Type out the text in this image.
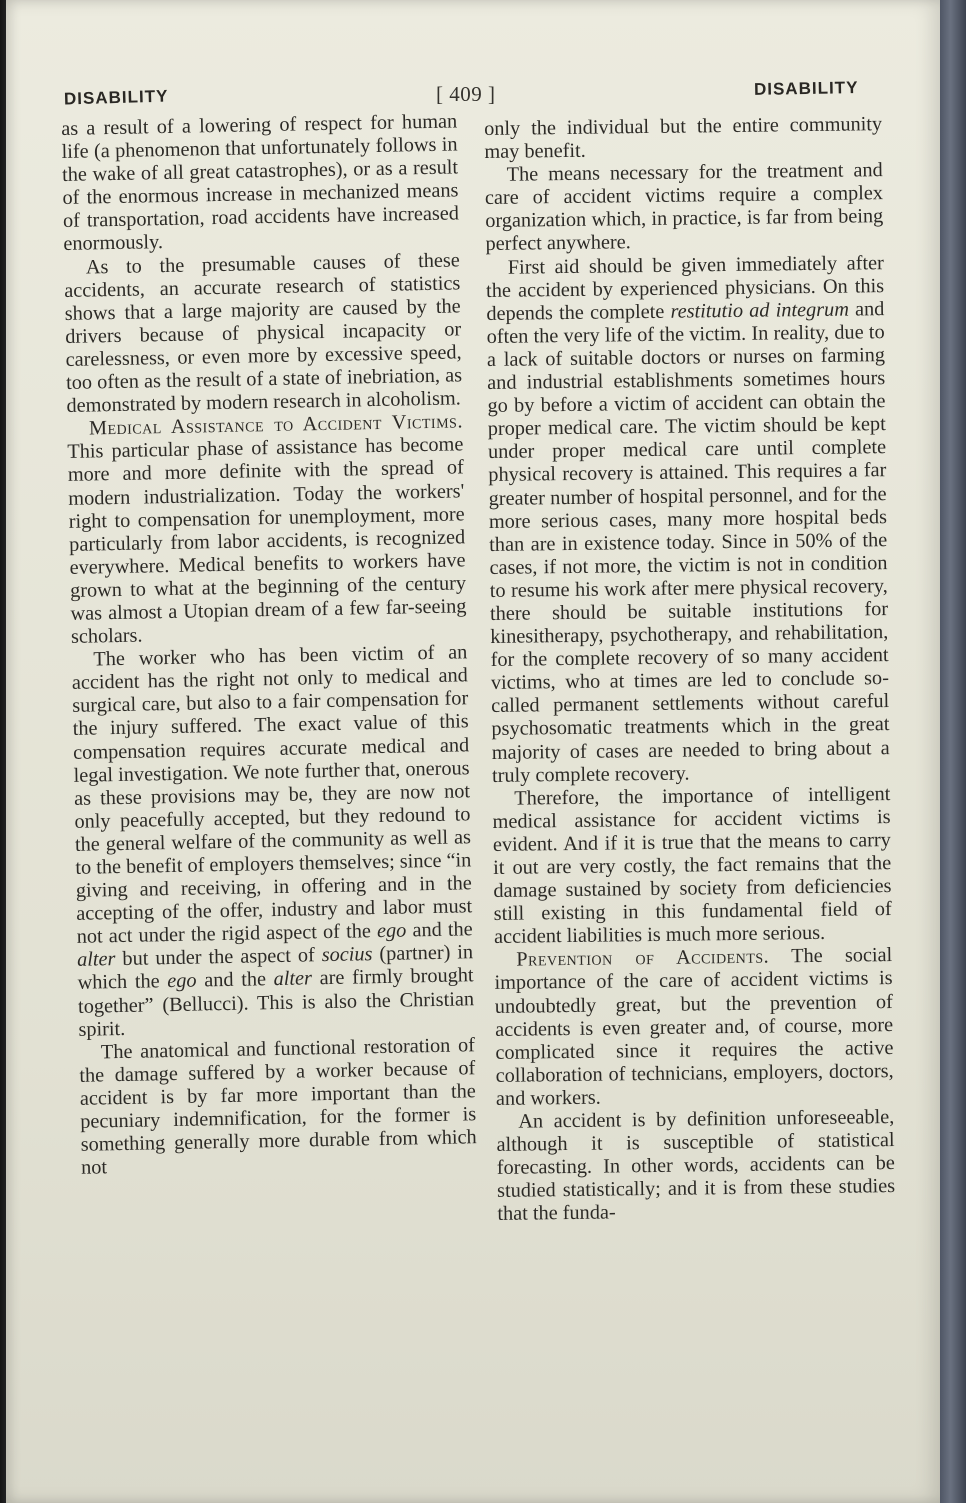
DISABILITY	[ 409 ]	DISABILITY

as a result of a lowering of respect for human life (a phenomenon that unfortunately follows in the wake of all great catastrophes), or as a result of the enormous increase in mechanized means of transportation, road accidents have increased enormously.

As to the presumable causes of these accidents, an accurate research of statistics shows that a large majority are caused by the drivers because of physical incapacity or carelessness, or even more by excessive speed, too often as the result of a state of inebriation, as demonstrated by modern research in alcoholism.

Medical Assistance to Accident Victims. This particular phase of assistance has become more and more definite with the spread of modern industrialization. Today the workers' right to compensation for unemployment, more particularly from labor accidents, is recognized everywhere. Medical benefits to workers have grown to what at the beginning of the century was almost a Utopian dream of a few far-seeing scholars.

The worker who has been victim of an accident has the right not only to medical and surgical care, but also to a fair compensation for the injury suffered. The exact value of this compensation requires accurate medical and legal investigation. We note further that, onerous as these provisions may be, they are now not only peacefully accepted, but they redound to the general welfare of the community as well as to the benefit of employers themselves; since “in giving and receiving, in offering and in the accepting of the offer, industry and labor must not act under the rigid aspect of the ego and the alter but under the aspect of socius (partner) in which the ego and the alter are firmly brought together” (Bellucci). This is also the Christian spirit.

The anatomical and functional restoration of the damage suffered by a worker because of accident is by far more important than the pecuniary indemnification, for the former is something generally more durable from which not

only the individual but the entire community may benefit.

The means necessary for the treatment and care of accident victims require a complex organization which, in practice, is far from being perfect anywhere.

First aid should be given immediately after the accident by experienced physicians. On this depends the complete restitutio ad integrum and often the very life of the victim. In reality, due to a lack of suitable doctors or nurses on farming and industrial establishments sometimes hours go by before a victim of accident can obtain the proper medical care. The victim should be kept under proper medical care until complete physical recovery is attained. This requires a far greater number of hospital personnel, and for the more serious cases, many more hospital beds than are in existence today. Since in 50% of the cases, if not more, the victim is not in condition to resume his work after mere physical recovery, there should be suitable institutions for kinesitherapy, psychotherapy, and rehabilitation, for the complete recovery of so many accident victims, who at times are led to conclude so-called permanent settlements without careful psychosomatic treatments which in the great majority of cases are needed to bring about a truly complete recovery.

Therefore, the importance of intelligent medical assistance for accident victims is evident. And if it is true that the means to carry it out are very costly, the fact remains that the damage sustained by society from deficiencies still existing in this fundamental field of accident liabilities is much more serious.

Prevention of Accidents. The social importance of the care of accident victims is undoubtedly great, but the prevention of accidents is even greater and, of course, more complicated since it requires the active collaboration of technicians, employers, doctors, and workers.

An accident is by definition unforeseeable, although it is susceptible of statistical forecasting. In other words, accidents can be studied statistically; and it is from these studies that the funda-
